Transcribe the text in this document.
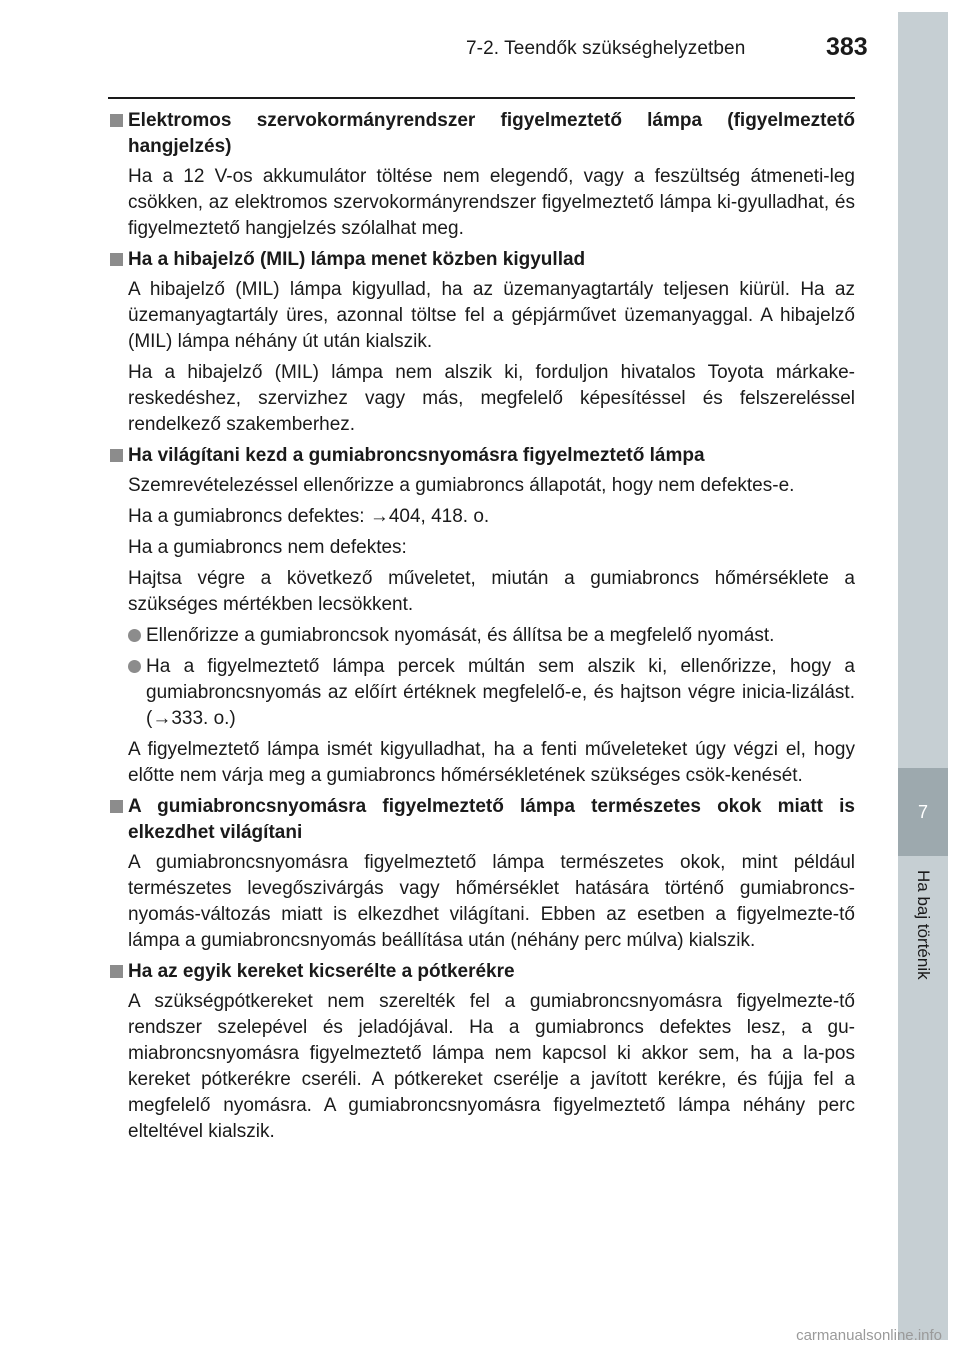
7-2. Teendők szükséghelyzetben	383
7
Ha baj történik

Elektromos szervokormányrendszer figyelmeztető lámpa (figyelmeztető hangjelzés)

Ha a 12 V-os akkumulátor töltése nem elegendő, vagy a feszültség átmeneti-leg csökken, az elektromos szervokormányrendszer figyelmeztető lámpa ki-gyulladhat, és figyelmeztető hangjelzés szólalhat meg.

Ha a hibajelző (MIL) lámpa menet közben kigyullad

A hibajelző (MIL) lámpa kigyullad, ha az üzemanyagtartály teljesen kiürül. Ha az üzemanyagtartály üres, azonnal töltse fel a gépjárművet üzemanyaggal. A hibajelző (MIL) lámpa néhány út után kialszik.

Ha a hibajelző (MIL) lámpa nem alszik ki, forduljon hivatalos Toyota márkake-reskedéshez, szervizhez vagy más, megfelelő képesítéssel és felszereléssel rendelkező szakemberhez.

Ha világítani kezd a gumiabroncsnyomásra figyelmeztető lámpa

Szemrevételezéssel ellenőrizze a gumiabroncs állapotát, hogy nem defektes-e.

Ha a gumiabroncs defektes: →404, 418. o.

Ha a gumiabroncs nem defektes:

Hajtsa végre a következő műveletet, miután a gumiabroncs hőmérséklete a szükséges mértékben lecsökkent.

Ellenőrizze a gumiabroncsok nyomását, és állítsa be a megfelelő nyomást.

Ha a figyelmeztető lámpa percek múltán sem alszik ki, ellenőrizze, hogy a gumiabroncsnyomás az előírt értéknek megfelelő-e, és hajtson végre inicia-lizálást. (→333. o.)

A figyelmeztető lámpa ismét kigyulladhat, ha a fenti műveleteket úgy végzi el, hogy előtte nem várja meg a gumiabroncs hőmérsékletének szükséges csök-kenését.

A gumiabroncsnyomásra figyelmeztető lámpa természetes okok miatt is elkezdhet világítani

A gumiabroncsnyomásra figyelmeztető lámpa természetes okok, mint például természetes levegőszivárgás vagy hőmérséklet hatására történő gumiabroncs-nyomás-változás miatt is elkezdhet világítani. Ebben az esetben a figyelmezte-tő lámpa a gumiabroncsnyomás beállítása után (néhány perc múlva) kialszik.

Ha az egyik kereket kicserélte a pótkerékre

A szükségpótkereket nem szerelték fel a gumiabroncsnyomásra figyelmezte-tő rendszer szelepével és jeladójával. Ha a gumiabroncs defektes lesz, a gu-miabroncsnyomásra figyelmeztető lámpa nem kapcsol ki akkor sem, ha a la-pos kereket pótkerékre cseréli. A pótkereket cserélje a javított kerékre, és fújja fel a megfelelő nyomásra. A gumiabroncsnyomásra figyelmeztető lámpa néhány perc elteltével kialszik.

carmanualsonline.info
